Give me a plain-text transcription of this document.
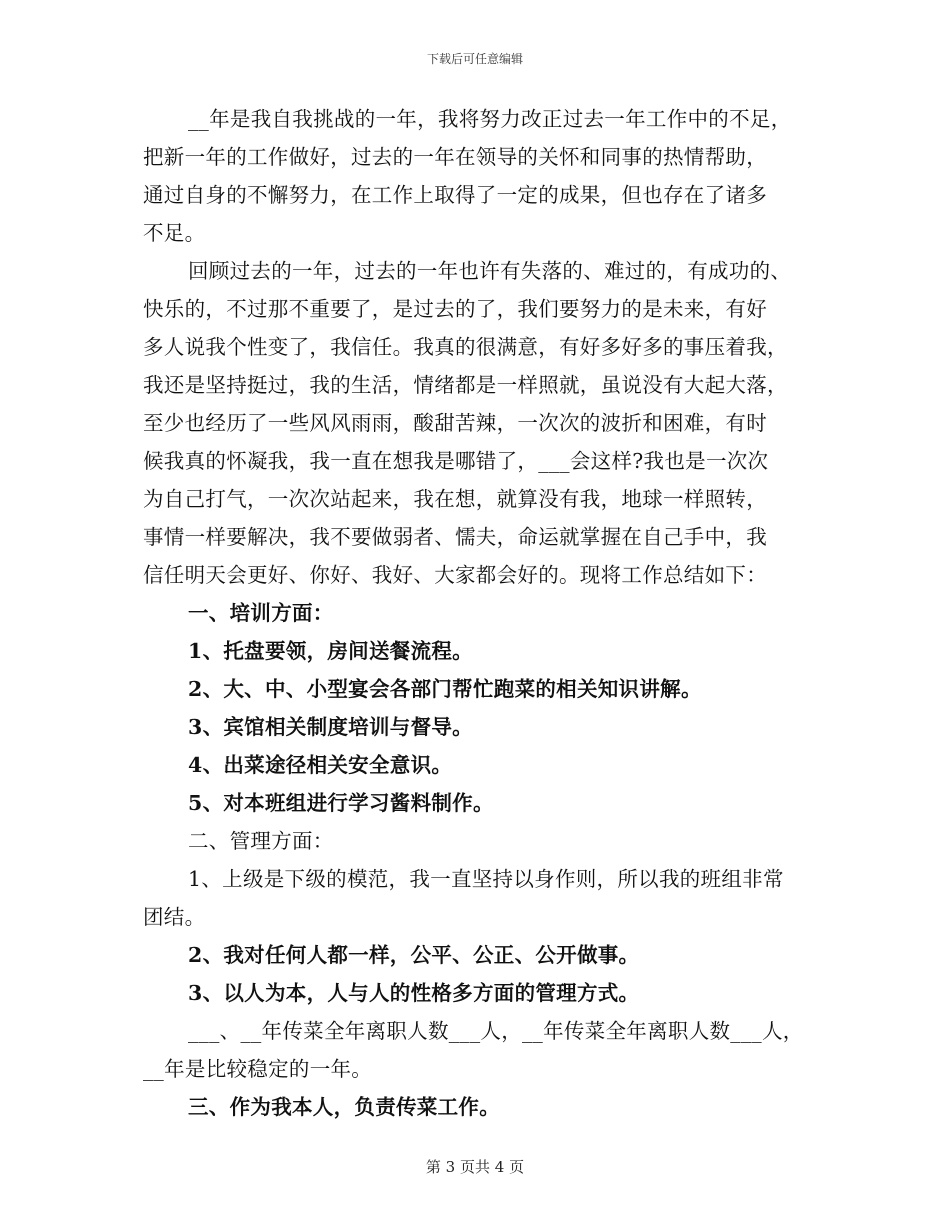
下载后可任意编辑
__年是我自我挑战的一年，我将努力改正过去一年工作中的不足，
把新一年的工作做好，过去的一年在领导的关怀和同事的热情帮助，
通过自身的不懈努力，在工作上取得了一定的成果，但也存在了诸多
不足。
回顾过去的一年，过去的一年也许有失落的、难过的，有成功的、
快乐的，不过那不重要了，是过去的了，我们要努力的是未来，有好
多人说我个性变了，我信任。我真的很满意，有好多好多的事压着我，
我还是坚持挺过，我的生活，情绪都是一样照就，虽说没有大起大落，
至少也经历了一些风风雨雨，酸甜苦辣，一次次的波折和困难，有时
候我真的怀凝我，我一直在想我是哪错了，___会这样?我也是一次次
为自己打气，一次次站起来，我在想，就算没有我，地球一样照转，
事情一样要解决，我不要做弱者、懦夫，命运就掌握在自己手中，我
信任明天会更好、你好、我好、大家都会好的。现将工作总结如下：
一、培训方面：
1、托盘要领，房间送餐流程。
2、大、中、小型宴会各部门帮忙跑菜的相关知识讲解。
3、宾馆相关制度培训与督导。
4、出菜途径相关安全意识。
5、对本班组进行学习酱料制作。
二、管理方面：
1、上级是下级的模范，我一直坚持以身作则，所以我的班组非常
团结。
2、我对任何人都一样，公平、公正、公开做事。
3、以人为本，人与人的性格多方面的管理方式。
___、__年传菜全年离职人数___人，__年传菜全年离职人数___人，
__年是比较稳定的一年。
三、作为我本人，负责传菜工作。
第 3 页共 4 页
